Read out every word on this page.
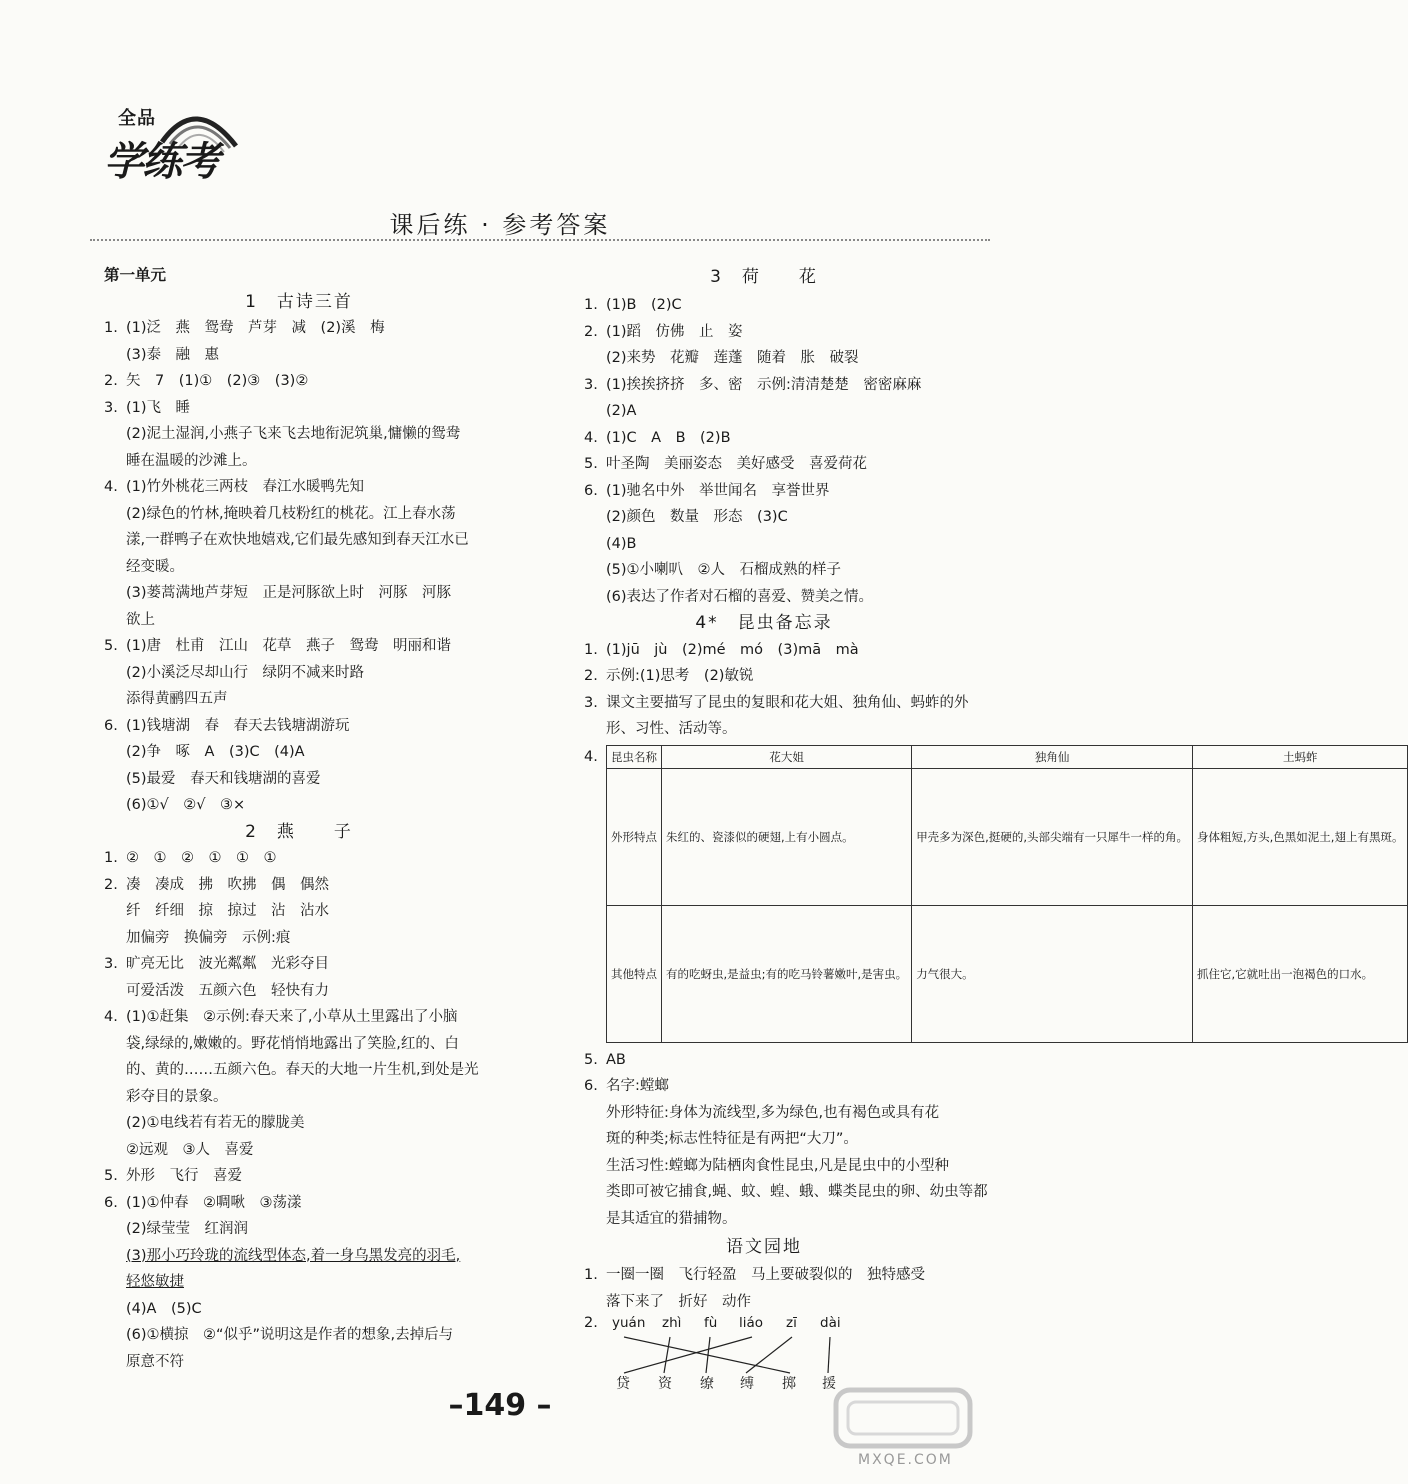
全品
学练考
课后练 · 参考答案
第一单元
1　古诗三首
1. (1)泛　燕　鸳鸯　芦芽　减　(2)溪　梅
(3)泰　融　惠
2. 矢　7　(1)①　(2)③　(3)②
3. (1)飞　睡
(2)泥土湿润,小燕子飞来飞去地衔泥筑巢,慵懒的鸳鸯
睡在温暖的沙滩上。
4. (1)竹外桃花三两枝　春江水暖鸭先知
(2)绿色的竹林,掩映着几枝粉红的桃花。江上春水荡
漾,一群鸭子在欢快地嬉戏,它们最先感知到春天江水已
经变暖。
(3)蒌蒿满地芦芽短　正是河豚欲上时　河豚　河豚
欲上
5. (1)唐　杜甫　江山　花草　燕子　鸳鸯　明丽和谐
(2)小溪泛尽却山行　绿阴不减来时路
添得黄鹂四五声
6. (1)钱塘湖　春　春天去钱塘湖游玩
(2)争　啄　A　(3)C　(4)A
(5)最爱　春天和钱塘湖的喜爱
(6)①√　②√　③×
2　燕　　子
1. ②　①　②　①　①　①
2. 凑　凑成　拂　吹拂　偶　偶然
纤　纤细　掠　掠过　沾　沾水
加偏旁　换偏旁　示例:痕
3. 旷亮无比　波光粼粼　光彩夺目
可爱活泼　五颜六色　轻快有力
4. (1)①赶集　②示例:春天来了,小草从土里露出了小脑
袋,绿绿的,嫩嫩的。野花悄悄地露出了笑脸,红的、白
的、黄的……五颜六色。春天的大地一片生机,到处是光
彩夺目的景象。
(2)①电线若有若无的朦胧美
②远观　③人　喜爱
5. 外形　飞行　喜爱
6. (1)①仲春　②啁啾　③荡漾
(2)绿莹莹　红润润
(3)那小巧玲珑的流线型体态,着一身乌黑发亮的羽毛,
轻悠敏捷
(4)A　(5)C
(6)①横掠　②“似乎”说明这是作者的想象,去掉后与
原意不符
3　荷　　花
1. (1)B　(2)C
2. (1)蹈　仿佛　止　姿
(2)来势　花瓣　莲蓬　随着　胀　破裂
3. (1)挨挨挤挤　多、密　示例:清清楚楚　密密麻麻
(2)A
4. (1)C　A　B　(2)B
5. 叶圣陶　美丽姿态　美好感受　喜爱荷花
6. (1)驰名中外　举世闻名　享誉世界
(2)颜色　数量　形态　(3)C
(4)B
(5)①小喇叭　②人　石榴成熟的样子
(6)表达了作者对石榴的喜爱、赞美之情。
4*　昆虫备忘录
1. (1)jū　jù　(2)mé　mó　(3)mā　mà
2. 示例:(1)思考　(2)敏锐
3. 课文主要描写了昆虫的复眼和花大姐、独角仙、蚂蚱的外
形、习性、活动等。
4.	昆虫名称	花大姐	独角仙	土蚂蚱
外形特点	朱红的、瓷漆似的硬翅,上有小圆点。	甲壳多为深色,挺硬的,头部尖端有一只犀牛一样的角。	身体粗短,方头,色黑如泥土,翅上有黑斑。
其他特点	有的吃蚜虫,是益虫;有的吃马铃薯嫩叶,是害虫。	力气很大。	抓住它,它就吐出一泡褐色的口水。
5. AB
6. 名字:螳螂
外形特征:身体为流线型,多为绿色,也有褐色或具有花
斑的种类;标志性特征是有两把“大刀”。
生活习性:螳螂为陆栖肉食性昆虫,凡是昆虫中的小型种
类即可被它捕食,蝇、蚊、蝗、蛾、蝶类昆虫的卵、幼虫等都
是其适宜的猎捕物。
语文园地
1. 一圈一圈　飞行轻盈　马上要破裂似的　独特感受
落下来了　折好　动作
2.	yuán zhì fù liáo zī dài
贷 资 缭 缚 掷 援
–149 –
MXQE.COM
